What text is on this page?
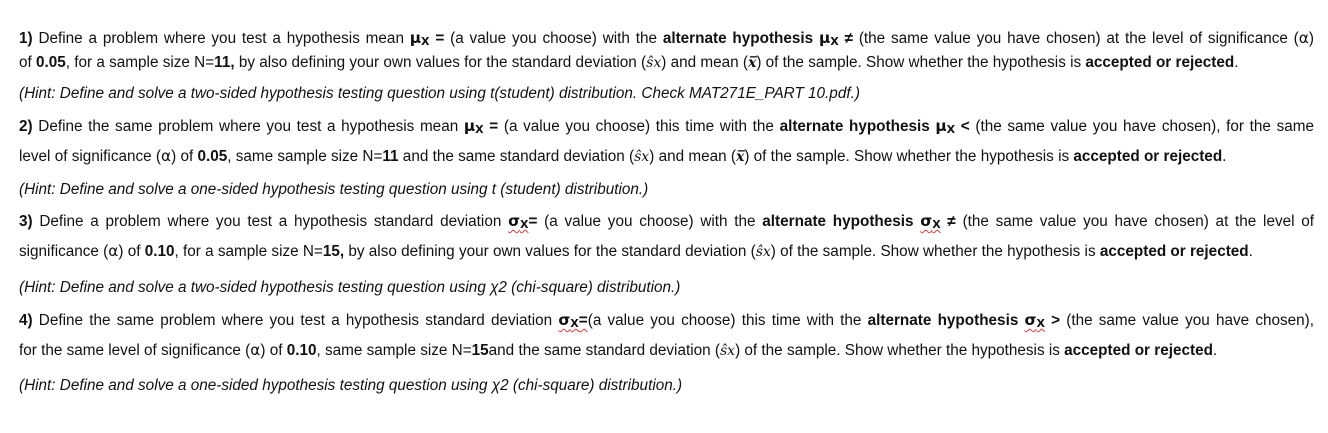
1) Define a problem where you test a hypothesis mean μX = (a value you choose) with the alternate hypothesis μX ≠ (the same value you have chosen) at the level of significance (α)
of 0.05, for a sample size N=11, by also defining your own values for the standard deviation (ŝx) and mean (x̅) of the sample. Show whether the hypothesis is accepted or rejected.
(Hint: Define and solve a two-sided hypothesis testing question using t(student) distribution. Check MAT271E_PART 10.pdf.)
2) Define the same problem where you test a hypothesis mean μX = (a value you choose) this time with the alternate hypothesis μX < (the same value you have chosen), for the same
level of significance (α) of 0.05, same sample size N=11 and the same standard deviation (ŝx) and mean (x̅) of the sample. Show whether the hypothesis is accepted or rejected.
(Hint: Define and solve a one-sided hypothesis testing question using t (student) distribution.)
3) Define a problem where you test a hypothesis standard deviation σX= (a value you choose) with the alternate hypothesis σX ≠ (the same value you have chosen) at the level of
significance (α) of 0.10, for a sample size N=15, by also defining your own values for the standard deviation (ŝx) of the sample. Show whether the hypothesis is accepted or rejected.
(Hint: Define and solve a two-sided hypothesis testing question using χ2 (chi-square) distribution.)
4) Define the same problem where you test a hypothesis standard deviation σX=(a value you choose) this time with the alternate hypothesis σX > (the same value you have chosen),
for the same level of significance (α) of 0.10, same sample size N=15and the same standard deviation (ŝx) of the sample. Show whether the hypothesis is accepted or rejected.
(Hint: Define and solve a one-sided hypothesis testing question using χ2 (chi-square) distribution.)
